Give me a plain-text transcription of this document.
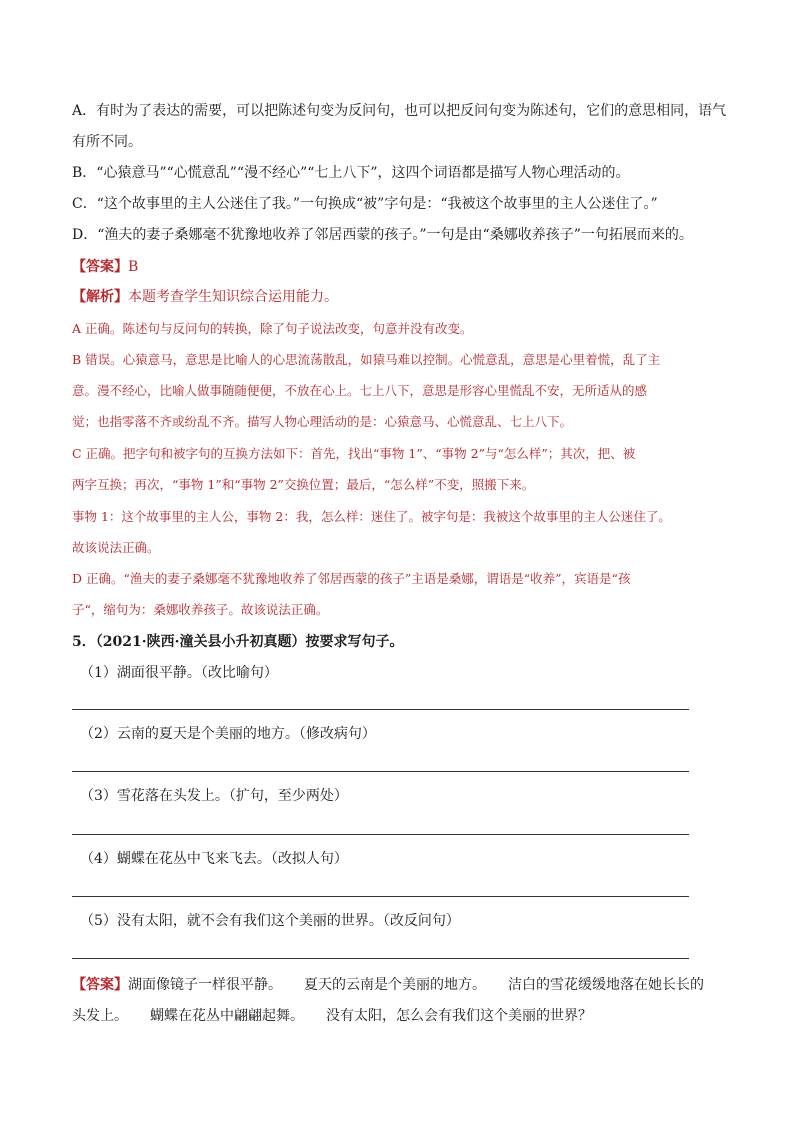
A．有时为了表达的需要，可以把陈述句变为反问句，也可以把反问句变为陈述句，它们的意思相同，语气
有所不同。
B．“心猿意马”“心慌意乱”“漫不经心”“七上八下”，这四个词语都是描写人物心理活动的。
C．“这个故事里的主人公迷住了我。”一句换成“被”字句是：“我被这个故事里的主人公迷住了。”
D．“渔夫的妻子桑娜毫不犹豫地收养了邻居西蒙的孩子。”一句是由“桑娜收养孩子”一句拓展而来的。
【答案】B
【解析】本题考查学生知识综合运用能力。
A 正确。陈述句与反问句的转换，除了句子说法改变，句意并没有改变。
B 错误。心猿意马，意思是比喻人的心思流荡散乱，如猿马难以控制。心慌意乱，意思是心里着慌，乱了主
意。漫不经心，比喻人做事随随便便，不放在心上。七上八下，意思是形容心里慌乱不安，无所适从的感
觉；也指零落不齐或纷乱不齐。描写人物心理活动的是：心猿意马、心慌意乱、七上八下。
C 正确。把字句和被字句的互换方法如下：首先，找出“事物 1”、“事物 2”与“怎么样”；其次，把、被
两字互换；再次，“事物 1”和“事物 2”交换位置；最后，“怎么样”不变，照搬下来。
事物 1：这个故事里的主人公，事物 2：我，怎么样：迷住了。被字句是：我被这个故事里的主人公迷住了。
故该说法正确。
D 正确。“渔夫的妻子桑娜毫不犹豫地收养了邻居西蒙的孩子”主语是桑娜，谓语是“收养”，宾语是“孩
子“，缩句为：桑娜收养孩子。故该说法正确。
5．（2021·陕西·潼关县小升初真题）按要求写句子。
（1）湖面很平静。（改比喻句）
（2）云南的夏天是个美丽的地方。（修改病句）
（3）雪花落在头发上。（扩句，至少两处）
（4）蝴蝶在花丛中飞来飞去。（改拟人句）
（5）没有太阳，就不会有我们这个美丽的世界。（改反问句）
【答案】湖面像镜子一样很平静。 夏天的云南是个美丽的地方。 洁白的雪花缓缓地落在她长长的
头发上。 蝴蝶在花丛中翩翩起舞。 没有太阳，怎么会有我们这个美丽的世界？
